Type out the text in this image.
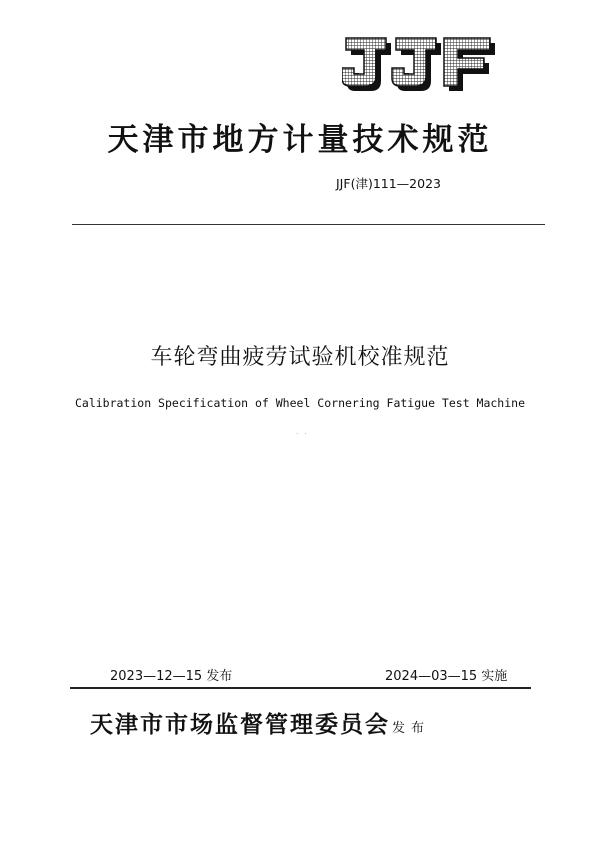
天津市地方计量技术规范
JJF(津)111—2023
车轮弯曲疲劳试验机校准规范
Calibration Specification of Wheel Cornering Fatigue Test Machine
· ·
2023—12—15 发布	2024—03—15 实施
天津市市场监督管理委员会 发布
